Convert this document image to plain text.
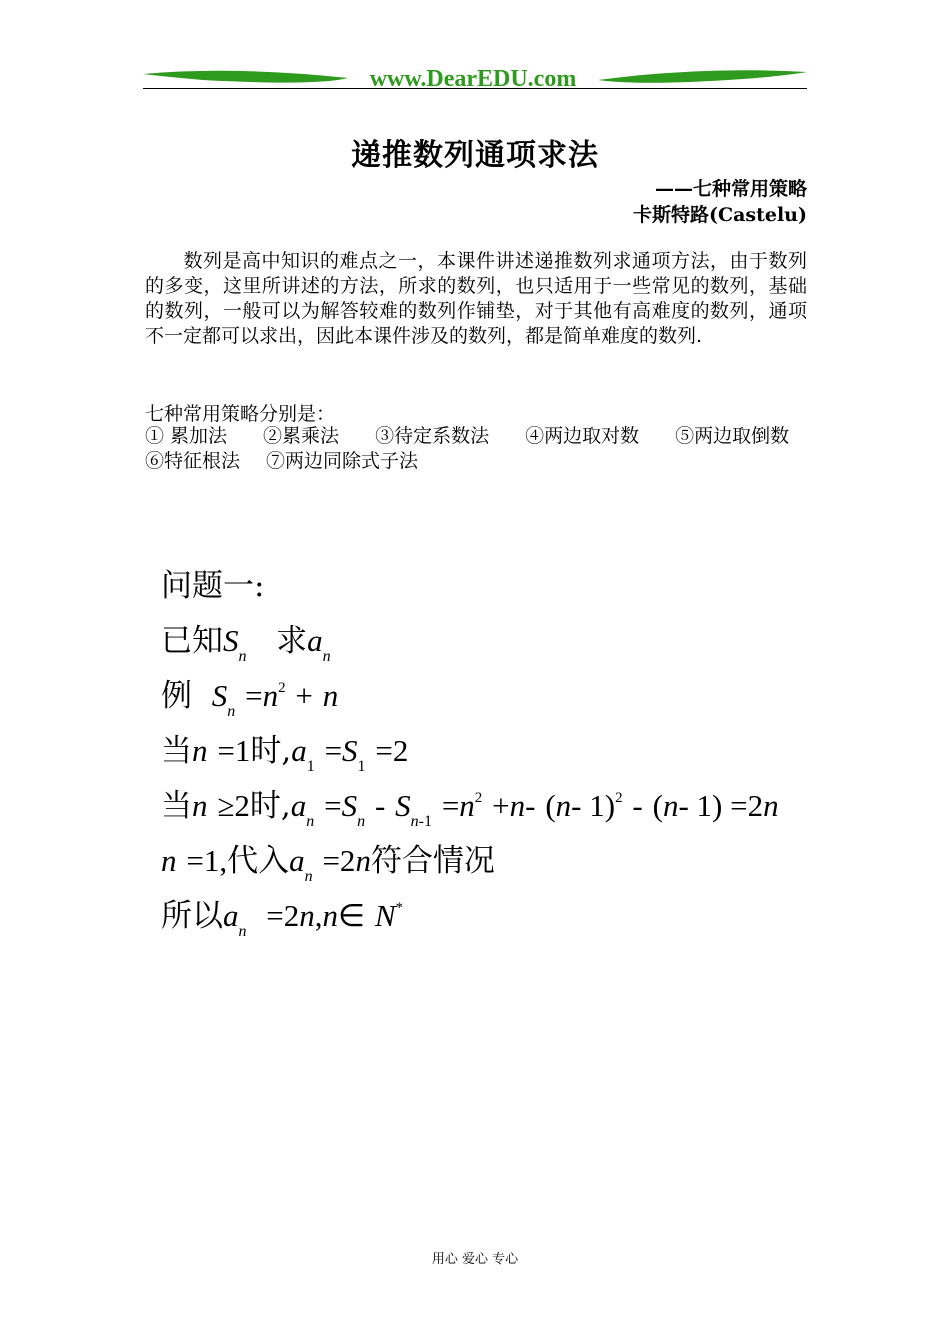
www.DearEDU.com
递推数列通项求法
——七种常用策略
卡斯特路(Castelu)
数列是高中知识的难点之一，本课件讲述递推数列求通项方法，由于数列的多变，这里所讲述的方法，所求的数列，也只适用于一些常见的数列，基础的数列，一般可以为解答较难的数列作铺垫，对于其他有高难度的数列，通项不一定都可以求出，因此本课件涉及的数列，都是简单难度的数列.
七种常用策略分别是：
① 累加法 ②累乘法 ③待定系数法 ④两边取对数 ⑤两边取倒数⑥特征根法 ⑦两边同除式子法
问题一:
已知$S_n$ 求$a_n$
例 $S_n =n^2 + n$
当n =1时$,a_1 =S_1 =2$
当n ≥2时$,a_n =S_n - S_{n-1} =n^2 +n-$ (n- 1)$^2$ - (n- 1) =2n
n =1,代入$a_n =2n$符合情况
所以$a_n$ =2n,n∈ N*
用心 爱心 专心
